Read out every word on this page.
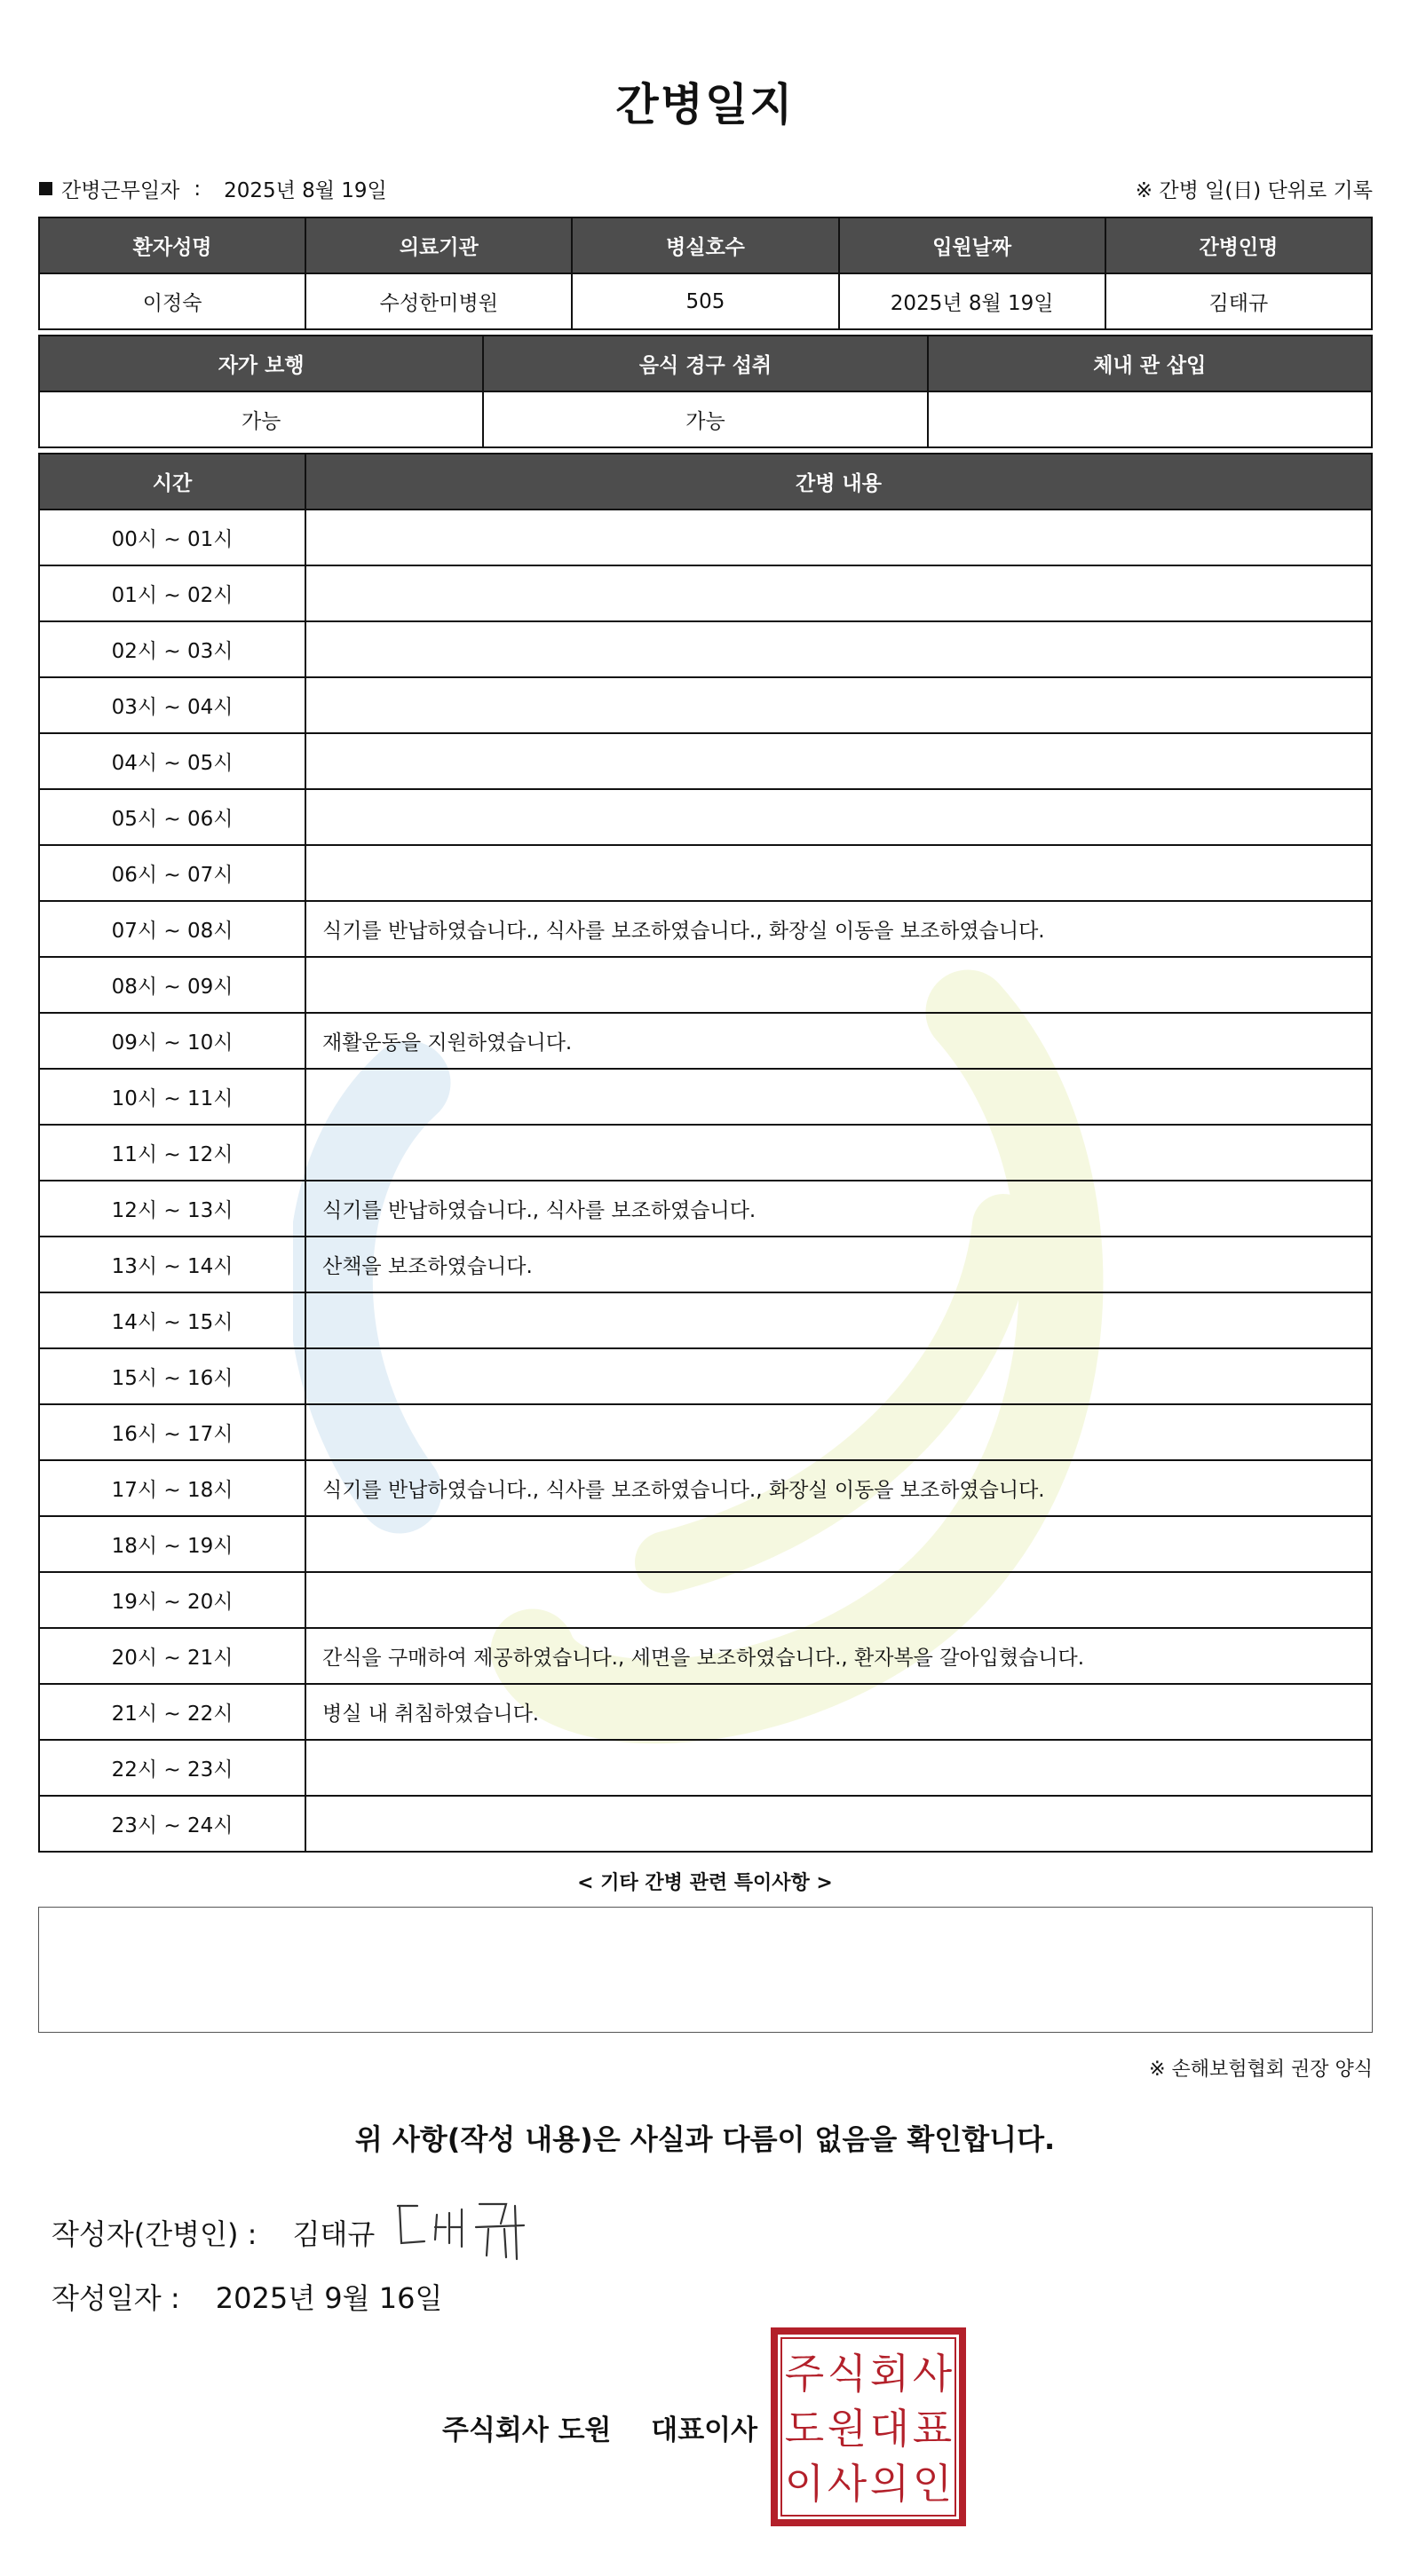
간병일지
간병근무일자 : 2025년 8월 19일	※ 간병 일(日) 단위로 기록
환자성명	의료기관	병실호수	입원날짜	간병인명
이정숙	수성한미병원	505	2025년 8월 19일	김태규
자가 보행	음식 경구 섭취	체내 관 삽입
가능	가능	
시간	간병 내용
00시 ~ 01시	
01시 ~ 02시	
02시 ~ 03시	
03시 ~ 04시	
04시 ~ 05시	
05시 ~ 06시	
06시 ~ 07시	
07시 ~ 08시	식기를 반납하였습니다., 식사를 보조하였습니다., 화장실 이동을 보조하였습니다.
08시 ~ 09시	
09시 ~ 10시	재활운동을 지원하였습니다.
10시 ~ 11시	
11시 ~ 12시	
12시 ~ 13시	식기를 반납하였습니다., 식사를 보조하였습니다.
13시 ~ 14시	산책을 보조하였습니다.
14시 ~ 15시	
15시 ~ 16시	
16시 ~ 17시	
17시 ~ 18시	식기를 반납하였습니다., 식사를 보조하였습니다., 화장실 이동을 보조하였습니다.
18시 ~ 19시	
19시 ~ 20시	
20시 ~ 21시	간식을 구매하여 제공하였습니다., 세면을 보조하였습니다., 환자복을 갈아입혔습니다.
21시 ~ 22시	병실 내 취침하였습니다.
22시 ~ 23시	
23시 ~ 24시	
< 기타 간병 관련 특이사항 >
※ 손해보험협회 권장 양식
위 사항(작성 내용)은 사실과 다름이 없음을 확인합니다.
작성자(간병인) : 김태규
작성일자 : 2025년 9월 16일
주식회사 도원 대표이사
주 식 회 사
도 원 대 표
이 사 의 인
